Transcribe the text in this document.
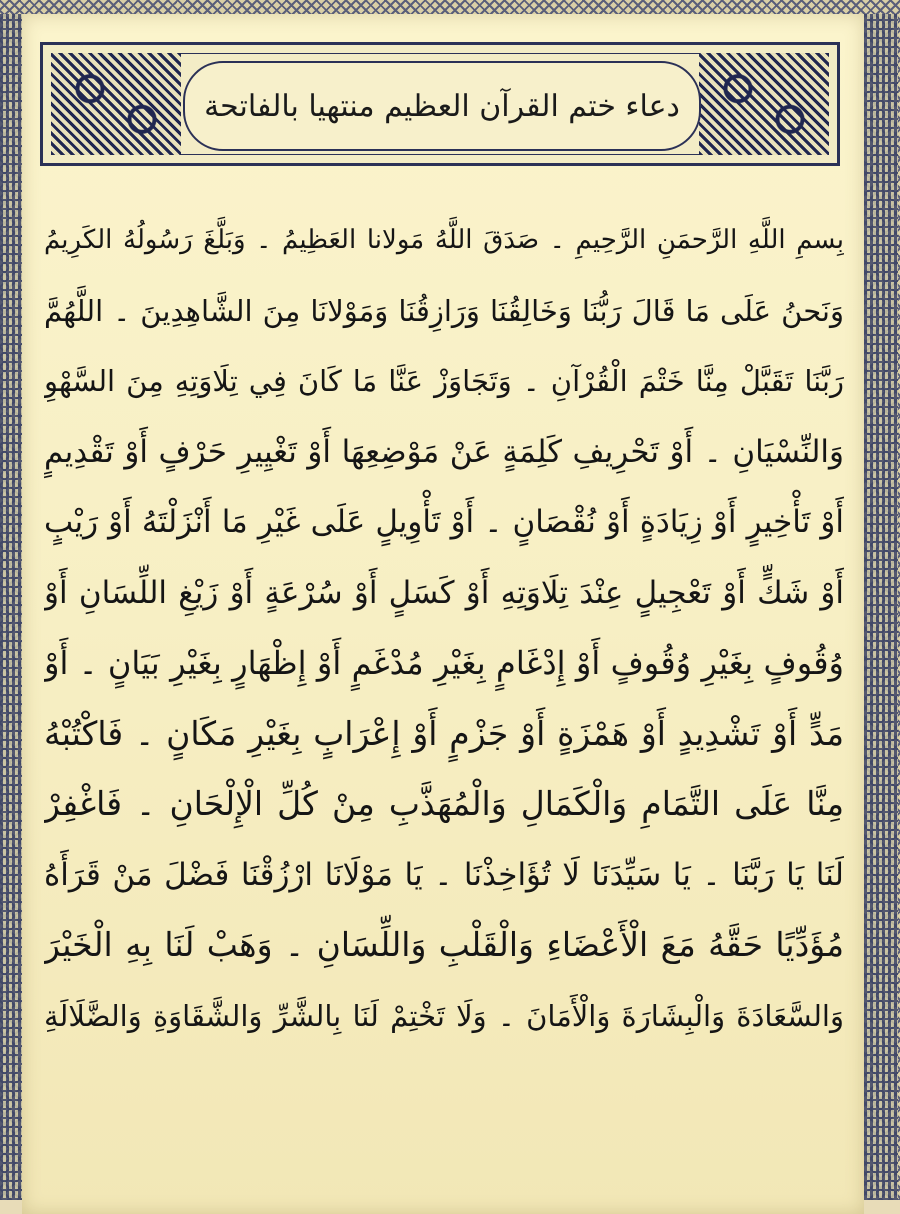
دعاء ختم القرآن العظيم منتهيا بالفاتحة
بِسمِ اللَّهِ الرَّحمَنِ الرَّحِيمِ ۔ صَدَقَ اللَّهُ مَولانا العَظِيمُ ۔ وَبَلَّغَ رَسُولُهُ الكَرِيمُ
وَنَحنُ عَلَى مَا قَالَ رَبُّنَا وَخَالِقُنَا وَرَازِقُنَا وَمَوْلانَا مِنَ الشَّاهِدِينَ ۔ اللَّهُمَّ
رَبَّنَا تَقَبَّلْ مِنَّا خَتْمَ الْقُرْآنِ ۔ وَتَجَاوَزْ عَنَّا مَا كَانَ فِي تِلَاوَتِهِ مِنَ السَّهْوِ
وَالنِّسْيَانِ ۔ أَوْ تَحْرِيفِ كَلِمَةٍ عَنْ مَوْضِعِهَا أَوْ تَغْيِيرِ حَرْفٍ أَوْ تَقْدِيمٍ
أَوْ تَأْخِيرٍ أَوْ زِيَادَةٍ أَوْ نُقْصَانٍ ۔ أَوْ تَأْوِيلٍ عَلَى غَيْرِ مَا أَنْزَلْتَهُ أَوْ رَيْبٍ
أَوْ شَكٍّ أَوْ تَعْجِيلٍ عِنْدَ تِلَاوَتِهِ أَوْ كَسَلٍ أَوْ سُرْعَةٍ أَوْ زَيْغِ اللِّسَانِ أَوْ
وُقُوفٍ بِغَيْرِ وُقُوفٍ أَوْ إِدْغَامٍ بِغَيْرِ مُدْغَمٍ أَوْ إِظْهَارٍ بِغَيْرِ بَيَانٍ ۔ أَوْ
مَدٍّ أَوْ تَشْدِيدٍ أَوْ هَمْزَةٍ أَوْ جَزْمٍ أَوْ إِعْرَابٍ بِغَيْرِ مَكَانٍ ۔ فَاكْتُبْهُ
مِنَّا عَلَى التَّمَامِ وَالْكَمَالِ وَالْمُهَذَّبِ مِنْ كُلِّ الْإِلْحَانِ ۔ فَاغْفِرْ
لَنَا يَا رَبَّنَا ۔ يَا سَيِّدَنَا لَا تُؤَاخِذْنَا ۔ يَا مَوْلَانَا ارْزُقْنَا فَضْلَ مَنْ قَرَأَهُ
مُؤَدِّيًا حَقَّهُ مَعَ الْأَعْضَاءِ وَالْقَلْبِ وَاللِّسَانِ ۔ وَهَبْ لَنَا بِهِ الْخَيْرَ
وَالسَّعَادَةَ وَالْبِشَارَةَ وَالْأَمَانَ ۔ وَلَا تَخْتِمْ لَنَا بِالشَّرِّ وَالشَّقَاوَةِ وَالضَّلَالَةِ
